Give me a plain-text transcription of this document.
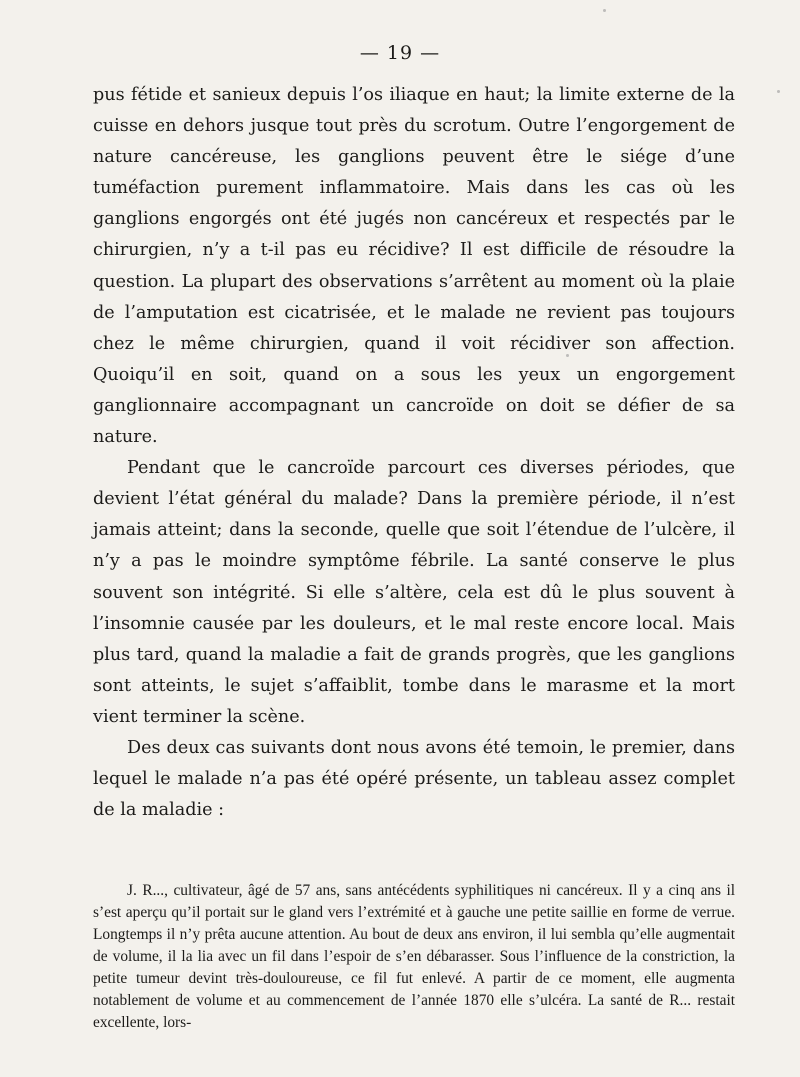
— 19 —

pus fétide et sanieux depuis l’os iliaque en haut; la limite externe de la cuisse en dehors jusque tout près du scrotum. Outre l’engorgement de nature cancéreuse, les ganglions peuvent être le siége d’une tuméfaction purement inflammatoire. Mais dans les cas où les ganglions engorgés ont été jugés non cancéreux et respectés par le chirurgien, n’y a t-il pas eu récidive? Il est difficile de résoudre la question. La plupart des observations s’arrêtent au moment où la plaie de l’amputation est cicatrisée, et le malade ne revient pas toujours chez le même chirurgien, quand il voit récidiver son affection. Quoiqu’il en soit, quand on a sous les yeux un engorgement ganglionnaire accompagnant un cancroïde on doit se défier de sa nature.

Pendant que le cancroïde parcourt ces diverses périodes, que devient l’état général du malade? Dans la première période, il n’est jamais atteint; dans la seconde, quelle que soit l’étendue de l’ulcère, il n’y a pas le moindre symptôme fébrile. La santé conserve le plus souvent son intégrité. Si elle s’altère, cela est dû le plus souvent à l’insomnie causée par les douleurs, et le mal reste encore local. Mais plus tard, quand la maladie a fait de grands progrès, que les ganglions sont atteints, le sujet s’affaiblit, tombe dans le marasme et la mort vient terminer la scène.

Des deux cas suivants dont nous avons été temoin, le premier, dans lequel le malade n’a pas été opéré présente, un tableau assez complet de la maladie :

J. R..., cultivateur, âgé de 57 ans, sans antécédents syphilitiques ni cancéreux. Il y a cinq ans il s’est aperçu qu’il portait sur le gland vers l’extrémité et à gauche une petite saillie en forme de verrue. Longtemps il n’y prêta aucune attention. Au bout de deux ans environ, il lui sembla qu’elle augmentait de volume, il la lia avec un fil dans l’espoir de s’en débarasser. Sous l’influence de la constriction, la petite tumeur devint très-douloureuse, ce fil fut enlevé. A partir de ce moment, elle augmenta notablement de volume et au commencement de l’année 1870 elle s’ulcéra. La santé de R... restait excellente, lors-
